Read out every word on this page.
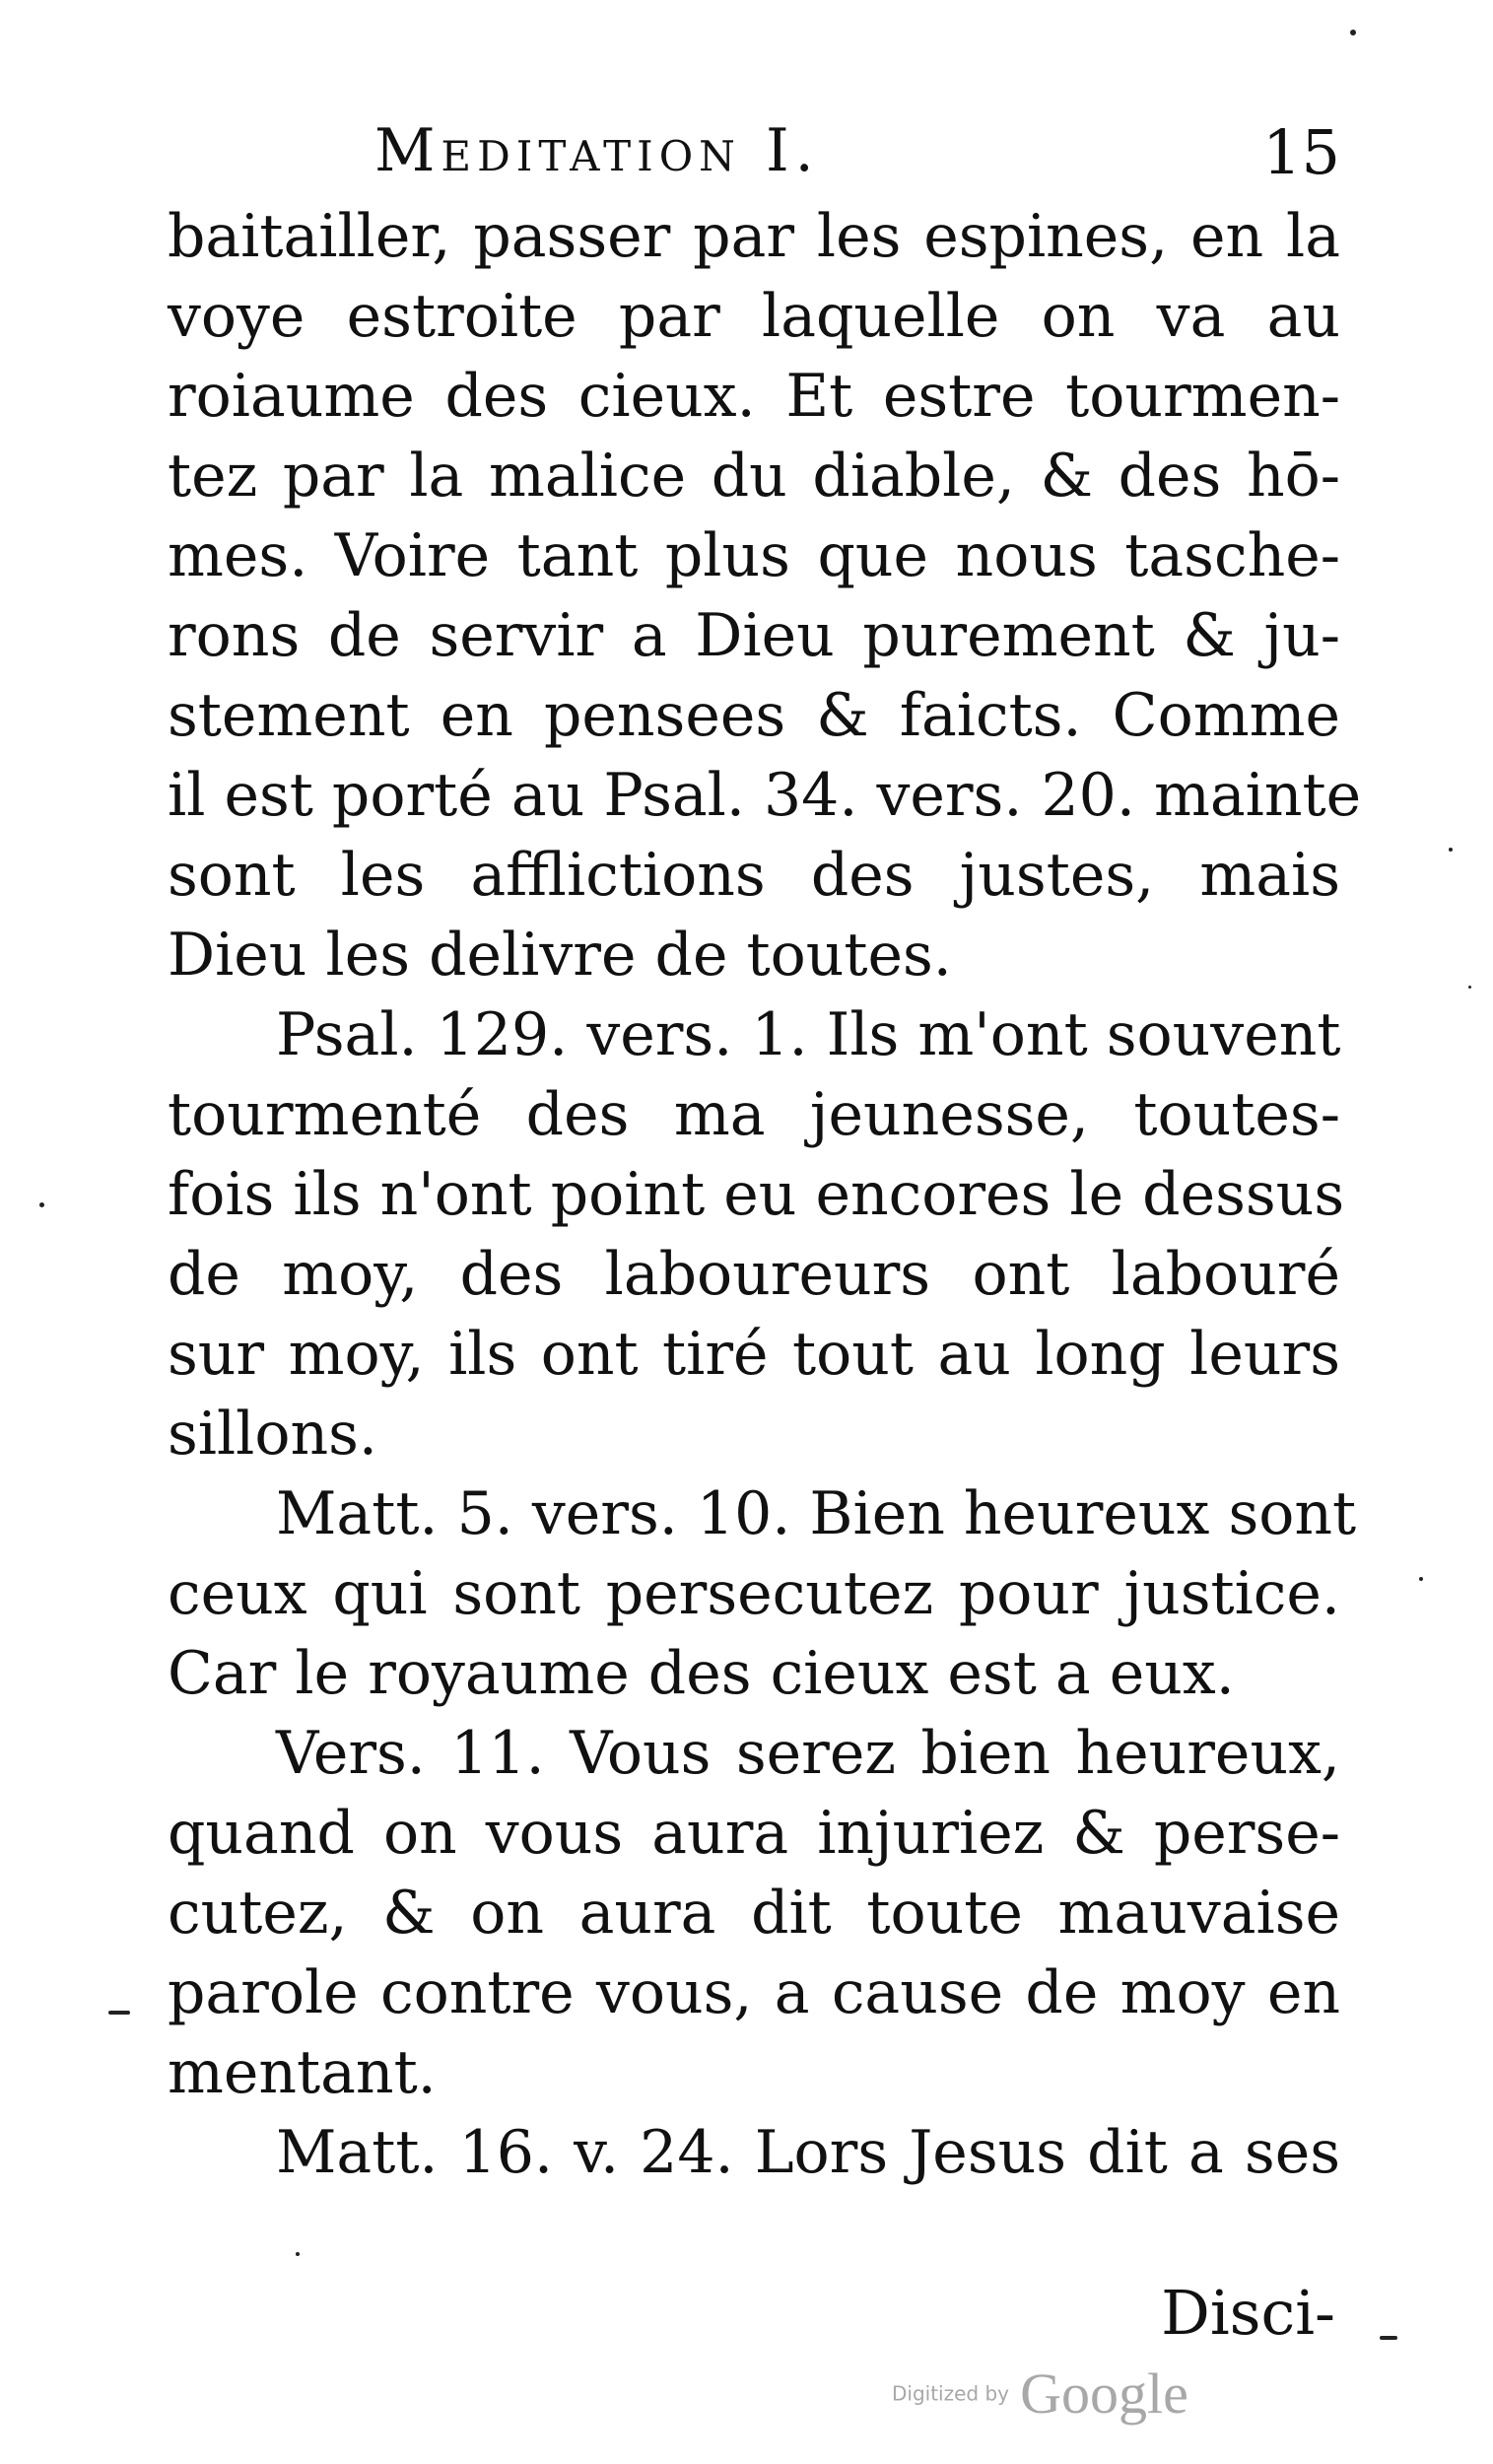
Meditation I.	15
baitailler, passer par les espines, en la
voye estroite par laquelle on va au
roiaume des cieux. Et estre tourmen-
tez par la malice du diable, & des hō-
mes. Voire tant plus que nous tasche-
rons de servir a Dieu purement & ju-
stement en pensees & faicts. Comme
il est porté au Psal. 34. vers. 20. mainte
sont les afflictions des justes, mais
Dieu les delivre de toutes.
Psal. 129. vers. 1. Ils m'ont souvent
tourmenté des ma jeunesse, toutes-
fois ils n'ont point eu encores le dessus
de moy, des laboureurs ont labouré
sur moy, ils ont tiré tout au long leurs
sillons.
Matt. 5. vers. 10. Bien heureux sont
ceux qui sont persecutez pour justice.
Car le royaume des cieux est a eux.
Vers. 11. Vous serez bien heureux,
quand on vous aura injuriez & perse-
cutez, & on aura dit toute mauvaise
parole contre vous, a cause de moy en
mentant.
Matt. 16. v. 24. Lors Jesus dit a ses
Disci-
Digitized by Google
